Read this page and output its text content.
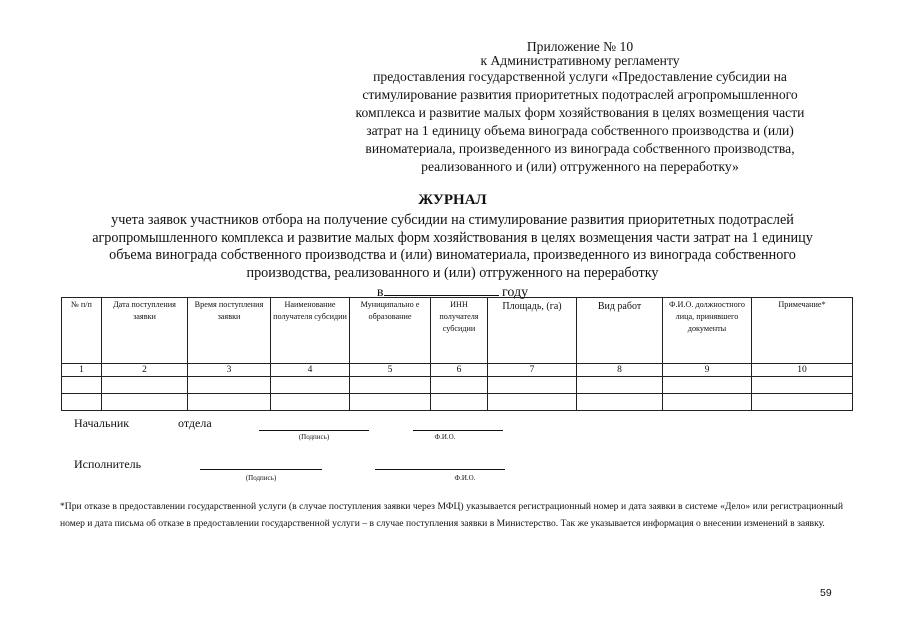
Приложение № 10
к Административному регламенту
предоставления государственной услуги «Предоставление субсидии на
стимулирование развития приоритетных подотраслей агропромышленного
комплекса и развитие малых форм хозяйствования в целях возмещения части
затрат на 1 единицу объема винограда собственного производства и (или)
виноматериала, произведенного из винограда собственного производства,
реализованного и (или) отгруженного на переработку»
ЖУРНАЛ
учета заявок участников отбора на получение субсидии на стимулирование развития приоритетных подотраслей
агропромышленного комплекса и развитие малых форм хозяйствования в целях возмещения части затрат на 1 единицу
объема винограда собственного производства и (или) виноматериала, произведенного из винограда собственного
производства, реализованного и (или) отгруженного на переработку
в	году
№ п/п	Дата поступления заявки	Время поступления заявки	Наименование получателя субсидии	Муниципально е образование	ИНН получателя субсидии	Площадь, (га)	Вид работ	Ф.И.О. должностного лица, принявшего документы	Примечание*
1	2	3	4	5	6	7	8	9	10

Начальник	отдела
(Подпись)	Ф.И.О.
Исполнитель
(Подпись)	Ф.И.О.
*При отказе в предоставлении государственной услуги (в случае поступления заявки через МФЦ) указывается регистрационный номер и дата заявки в системе «Дело» или регистрационный номер и дата письма об отказе в предоставлении государственной услуги – в случае поступления заявки в Министерство. Так же указывается информация о внесении изменений в заявку.
59
